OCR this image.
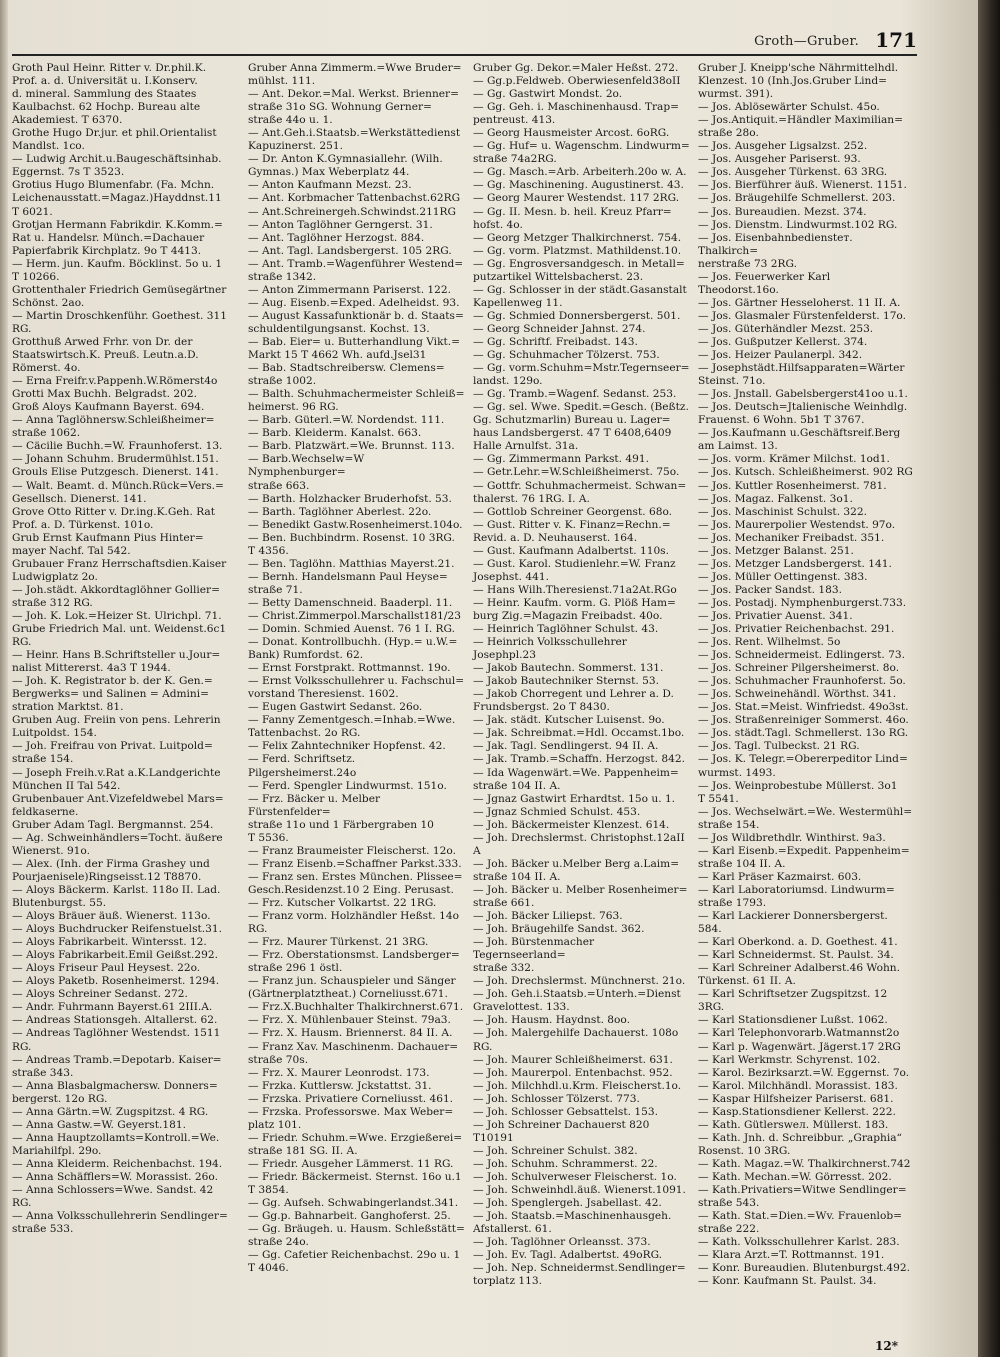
Groth—Gruber. 171

Groth Paul Heinr. Ritter v. Dr.phil.K.

Prof. a. d. Universität u. I.Konserv.

d. mineral. Sammlung des Staates

Kaulbachst. 62 Hochp. Bureau alte

Akademiest. T 6370.

Grothe Hugo Dr.jur. et phil.Orientalist

Mandlst. 1co.

— Ludwig Archit.u.Baugeschäftsinhab.

Eggernst. 7s T 3523.

Grotius Hugo Blumenfabr. (Fa. Mchn.

Leichenausstatt.=Magaz.)Hayddnst.11

T 6021.

Grotjan Hermann Fabrikdir. K.Komm.=

Rat u. Handelsr. Münch.=Dachauer

Papierfabrik Kirchplatz. 9o T 4413.

— Herm. jun. Kaufm. Böcklinst. 5o u. 1

T 10266.

Grottenthaler Friedrich Gemüsegärtner

Schönst. 2ao.

— Martin Droschkenführ. Goethest. 311

RG.

Grotthuß Arwed Frhr. von Dr. der

Staatswirtsch.K. Preuß. Leutn.a.D.

Römerst. 4o.

— Erna Freifr.v.Pappenh.W.Römerst4o

Grotti Max Buchh. Belgradst. 202.

Groß Aloys Kaufmann Bayerst. 694.

— Anna Taglöhnersw.Schleißheimer=

straße 1062.

— Cäcilie Buchh.=W. Fraunhoferst. 13.

— Johann Schuhm. Brudermühlst.151.

Grouls Elise Putzgesch. Dienerst. 141.

— Walt. Beamt. d. Münch.Rück=Vers.=

Gesellsch. Dienerst. 141.

Grove Otto Ritter v. Dr.ing.K.Geh. Rat

Prof. a. D. Türkenst. 101o.

Grub Ernst Kaufmann Pius Hinter=

mayer Nachf. Tal 542.

Grubauer Franz Herrschaftsdien.Kaiser

Ludwigplatz 2o.

— Joh.städt. Akkordtaglöhner Gollier=

straße 312 RG.

— Joh. K. Lok.=Heizer St. Ulrichpl. 71.

Grube Friedrich Mal. unt. Weidenst.6c1

RG.

— Heinr. Hans B.Schriftsteller u.Jour=

nalist Mittererst. 4a3 T 1944.

— Joh. K. Registrator b. der K. Gen.=

Bergwerks= und Salinen = Admini=

stration Marktst. 81.

Gruben Aug. Freiin von pens. Lehrerin

Luitpoldst. 154.

— Joh. Freifrau von Privat. Luitpold=

straße 154.

— Joseph Freih.v.Rat a.K.Landgerichte

München II Tal 542.

Grubenbauer Ant.Vizefeldwebel Mars=

feldkaserne.

Gruber Adam Tagl. Bergmannst. 254.

— Ag. Schweinhändlers=Tocht. äußere

Wienerst. 91o.

— Alex. (Inh. der Firma Grashey und

Pourjaenisele)Ringseisst.12 T8870.

— Aloys Bäckerm. Karlst. 118o II. Lad.

Blutenburgst. 55.

— Aloys Bräuer äuß. Wienerst. 113o.

— Aloys Buchdrucker Reifenstuelst.31.

— Aloys Fabrikarbeit. Wintersst. 12.

— Aloys Fabrikarbeit.Emil Geißst.292.

— Aloys Friseur Paul Heysest. 22o.

— Aloys Paketb. Rosenheimerst. 1294.

— Aloys Schreiner Sedanst. 272.

— Andr. Fuhrmann Bayerst.61 2III.A.

— Andreas Stationsgeh. Altallerst. 62.

— Andreas Taglöhner Westendst. 1511

RG.

— Andreas Tramb.=Depotarb. Kaiser=

straße 343.

— Anna Blasbalgmachersw. Donners=

bergerst. 12o RG.

— Anna Gärtn.=W. Zugspitzst. 4 RG.

— Anna Gastw.=W. Geyerst.181.

— Anna Hauptzollamts=Kontroll.=We.

Mariahilfpl. 29o.

— Anna Kleiderm. Reichenbachst. 194.

— Anna Schäfflers=W. Morassist. 26o.

— Anna Schlossers=Wwe. Sandst. 42

RG.

— Anna Volksschullehrerin Sendlinger=

straße 533.

Gruber Anna Zimmerm.=Wwe Bruder=

mühlst. 111.

— Ant. Dekor.=Mal. Werkst. Brienner=

straße 31o SG. Wohnung Gerner=

straße 44o u. 1.

— Ant.Geh.i.Staatsb.=Werkstättedienst

Kapuzinerst. 251.

— Dr. Anton K.Gymnasiallehr. (Wilh.

Gymnas.) Max Weberplatz 44.

— Anton Kaufmann Mezst. 23.

— Ant. Korbmacher Tattenbachst.62RG

— Ant.Schreinergeh.Schwindst.211RG

— Anton Taglöhner Gerngerst. 31.

— Ant. Taglöhner Herzogst. 884.

— Ant. Tagl. Landsbergerst. 105 2RG.

— Ant. Tramb.=Wagenführer Westend=

straße 1342.

— Anton Zimmermann Pariserst. 122.

— Aug. Eisenb.=Exped. Adelheidst. 93.

— August Kassafunktionär b. d. Staats=

schuldentilgungsanst. Kochst. 13.

— Bab. Eier= u. Butterhandlung Vikt.=

Markt 15 T 4662 Wh. aufd.Jsel31

— Bab. Stadtschreibersw. Clemens=

straße 1002.

— Balth. Schuhmachermeister Schleiß=

heimerst. 96 RG.

— Barb. Güterl.=W. Nordendst. 111.

— Barb. Kleiderm. Kanalst. 663.

— Barb. Platzwärt.=We. Brunnst. 113.

— Barb.Wechselw=W Nymphenburger=

straße 663.

— Barth. Holzhacker Bruderhofst. 53.

— Barth. Taglöhner Aberlest. 22o.

— Benedikt Gastw.Rosenheimerst.104o.

— Ben. Buchbindrm. Rosenst. 10 3RG.

T 4356.

— Ben. Taglöhn. Matthias Mayerst.21.

— Bernh. Handelsmann Paul Heyse=

straße 71.

— Betty Damenschneid. Baaderpl. 11.

— Christ.Zimmerpol.Marschallst181/23

— Domin. Schmied Auenst. 76 1 I. RG.

— Donat. Kontrollbuchh. (Hyp.= u.W.=

Bank) Rumfordst. 62.

— Ernst Forstprakt. Rottmannst. 19o.

— Ernst Volksschullehrer u. Fachschul=

vorstand Theresienst. 1602.

— Eugen Gastwirt Sedanst. 26o.

— Fanny Zementgesch.=Inhab.=Wwe.

Tattenbachst. 2o RG.

— Felix Zahntechniker Hopfenst. 42.

— Ferd. Schriftsetz. Pilgersheimerst.24o

— Ferd. Spengler Lindwurmst. 151o.

— Frz. Bäcker u. Melber Fürstenfelder=

straße 11o und 1 Färbergraben 10

T 5536.

— Franz Braumeister Fleischerst. 12o.

— Franz Eisenb.=Schaffner Parkst.333.

— Franz sen. Erstes München. Plissee=

Gesch.Residenzst.10 2 Eing. Perusast.

— Frz. Kutscher Volkartst. 22 1RG.

— Franz vorm. Holzhändler Heßst. 14o

RG.

— Frz. Maurer Türkenst. 21 3RG.

— Frz. Oberstationsmst. Landsberger=

straße 296 1 östl.

— Franz jun. Schauspieler und Sänger

(Gärtnerplatztheat.) Corneliusst.671.

— Frz.X.Buchhalter Thalkirchnerst.671.

— Frz. X. Mühlenbauer Steinst. 79a3.

— Frz. X. Hausm. Briennerst. 84 II. A.

— Franz Xav. Maschinenm. Dachauer=

straße 70s.

— Frz. X. Maurer Leonrodst. 173.

— Frzka. Kuttlersw. Jckstattst. 31.

— Frzska. Privatiere Corneliusst. 461.

— Frzska. Professorswe. Max Weber=

platz 101.

— Friedr. Schuhm.=Wwe. Erzgießerei=

straße 181 SG. II. A.

— Friedr. Ausgeher Lämmerst. 11 RG.

— Friedr. Bäckermeist. Sternst. 16o u.1

T 3854.

— Gg. Aufseh. Schwabingerlandst.341.

— Gg.p. Bahnarbeit. Ganghoferst. 25.

— Gg. Bräugeh. u. Hausm. Schleßstätt=

straße 24o.

— Gg. Cafetier Reichenbachst. 29o u. 1

T 4046.

Gruber Gg. Dekor.=Maler Heßst. 272.

— Gg.p.Feldweb. Oberwiesenfeld38oII

— Gg. Gastwirt Mondst. 2o.

— Gg. Geh. i. Maschinenhausd. Trap=

pentreust. 413.

— Georg Hausmeister Arcost. 6oRG.

— Gg. Huf= u. Wagenschm. Lindwurm=

straße 74a2RG.

— Gg. Masch.=Arb. Arbeiterh.20o w. A.

— Gg. Maschinening. Augustinerst. 43.

— Georg Maurer Westendst. 117 2RG.

— Gg. II. Mesn. b. heil. Kreuz Pfarr=

hofst. 4o.

— Georg Metzger Thalkirchnerst. 754.

— Gg. vorm. Platzmst. Mathildenst.10.

— Gg. Engrosversandgesch. in Metall=

putzartikel Wittelsbacherst. 23.

— Gg. Schlosser in der städt.Gasanstalt

Kapellenweg 11.

— Gg. Schmied Donnersbergerst. 501.

— Georg Schneider Jahnst. 274.

— Gg. Schriftf. Freibadst. 143.

— Gg. Schuhmacher Tölzerst. 753.

— Gg. vorm.Schuhm=Mstr.Tegernseer=

landst. 129o.

— Gg. Tramb.=Wagenf. Sedanst. 253.

— Gg. sel. Wwe. Spedit.=Gesch. (Beßtz.

Gg. Schutzmarlin) Bureau u. Lager=

haus Landsbergerst. 47 T 6408,6409

Halle Arnulfst. 31a.

— Gg. Zimmermann Parkst. 491.

— Getr.Lehr.=W.Schleißheimerst. 75o.

— Gottfr. Schuhmachermeist. Schwan=

thalerst. 76 1RG. I. A.

— Gottlob Schreiner Georgenst. 68o.

— Gust. Ritter v. K. Finanz=Rechn.=

Revid. a. D. Neuhauserst. 164.

— Gust. Kaufmann Adalbertst. 110s.

— Gust. Karol. Studienlehr.=W. Franz

Josephst. 441.

— Hans Wilh.Theresienst.71a2At.RGo

— Heinr. Kaufm. vorm. G. Plöß Ham=

burg Zig.=Magazin Freibadst. 40o.

— Heinrich Taglöhner Schulst. 43.

— Heinrich Volksschullehrer Josephpl.23

— Jakob Bautechn. Sommerst. 131.

— Jakob Bautechniker Sternst. 53.

— Jakob Chorregent und Lehrer a. D.

Frundsbergst. 2o T 8430.

— Jak. städt. Kutscher Luisenst. 9o.

— Jak. Schreibmat.=Hdl. Occamst.1bo.

— Jak. Tagl. Sendlingerst. 94 II. A.

— Jak. Tramb.=Schaffn. Herzogst. 842.

— Ida Wagenwärt.=We. Pappenheim=

straße 104 II. A.

— Jgnaz Gastwirt Erhardtst. 15o u. 1.

— Jgnaz Schmied Schulst. 453.

— Joh. Bäckermeister Klenzest. 614.

— Joh. Drechslermst. Christophst.12aII A

— Joh. Bäcker u.Melber Berg a.Laim=

straße 104 II. A.

— Joh. Bäcker u. Melber Rosenheimer=

straße 661.

— Joh. Bäcker Liliepst. 763.

— Joh. Bräugehilfe Sandst. 362.

— Joh. Bürstenmacher Tegernseerland=

straße 332.

— Joh. Drechslermst. Münchnerst. 21o.

— Joh. Geh.i.Staatsb.=Unterh.=Dienst

Gravelottest. 133.

— Joh. Hausm. Haydnst. 8oo.

— Joh. Malergehilfe Dachauerst. 108o

RG.

— Joh. Maurer Schleißheimerst. 631.

— Joh. Maurerpol. Entenbachst. 952.

— Joh. Milchhdl.u.Krm. Fleischerst.1o.

— Joh. Schlosser Tölzerst. 773.

— Joh. Schlosser Gebsattelst. 153.

— Joh Schreiner Dachauerst 820 T10191

— Joh. Schreiner Schulst. 382.

— Joh. Schuhm. Schrammerst. 22.

— Joh. Schulverweser Fleischerst. 1o.

— Joh. Schweinhdl.äuß. Wienerst.1091.

— Joh. Spenglergeh. Jsabellast. 42.

— Joh. Staatsb.=Maschinenhausgeh.

Afstallerst. 61.

— Joh. Taglöhner Orleansst. 373.

— Joh. Ev. Tagl. Adalbertst. 49oRG.

— Joh. Nep. Schneidermst.Sendlinger=

torplatz 113.

Gruber J. Kneipp'sche Nährmittelhdl.

Klenzest. 10 (Inh.Jos.Gruber Lind=

wurmst. 391).

— Jos. Ablösewärter Schulst. 45o.

— Jos.Antiquit.=Händler Maximilian=

straße 28o.

— Jos. Ausgeher Ligsalzst. 252.

— Jos. Ausgeher Pariserst. 93.

— Jos. Ausgeher Türkenst. 63 3RG.

— Jos. Bierführer äuß. Wienerst. 1151.

— Jos. Bräugehilfe Schmellerst. 203.

— Jos. Bureaudien. Mezst. 374.

— Jos. Dienstm. Lindwurmst.102 RG.

— Jos. Eisenbahnbediensteт. Thalkirch=

nerstraße 73 2RG.

— Jos. Feuerwerker Karl Theodorst.16o.

— Jos. Gärtner Hesseloherst. 11 II. A.

— Jos. Glasmaler Fürstenfelderst. 17o.

— Jos. Güterhändler Mezst. 253.

— Jos. Gußputzer Kellerst. 374.

— Jos. Heizer Paulanerpl. 342.

— Josephstädt.Hilfsapparaten=Wärter

Steinst. 71o.

— Jos. Jnstall. Gabelsbergerst41oo u.1.

— Jos. Deutsch=Jtalienische Weinhdlg.

Frauenst. 6 Wohn. 5b1 T 3767.

— Jos.Kaufmann u.Geschäftsreif.Berg

am Laimst. 13.

— Jos. vorm. Krämer Milchst. 1od1.

— Jos. Kutsch. Schleißheimerst. 902 RG

— Jos. Kuttler Rosenheimerst. 781.

— Jos. Magaz. Falkenst. 3o1.

— Jos. Maschinist Schulst. 322.

— Jos. Maurerpolier Westendst. 97o.

— Jos. Mechaniker Freibadst. 351.

— Jos. Metzger Balanst. 251.

— Jos. Metzger Landsbergerst. 141.

— Jos. Müller Oettingenst. 383.

— Jos. Packer Sandst. 183.

— Jos. Postadj. Nymphenburgerst.733.

— Jos. Privatier Auenst. 341.

— Jos. Privatier Reichenbachst. 291.

— Jos. Rent. Wilhelmst. 5o

— Jos. Schneidermeist. Edlingerst. 73.

— Jos. Schreiner Pilgersheimerst. 8o.

— Jos. Schuhmacher Fraunhoferst. 5o.

— Jos. Schweinehändl. Wörthst. 341.

— Jos. Stat.=Meist. Winfriedst. 49o3st.

— Jos. Straßenreiniger Sommerst. 46o.

— Jos. städt.Tagl. Schmellerst. 13o RG.

— Jos. Tagl. Tulbeckst. 21 RG.

— Jos. K. Telegr.=Obererpeditor Lind=

wurmst. 1493.

— Jos. Weinprobestube Müllerst. 3o1

T 5541.

— Jos. Wechselwärt.=We. Westermühl=

straße 154.

— Jos Wildbrethdlr. Winthirst. 9a3.

— Karl Eisenb.=Expedit. Pappenheim=

straße 104 II. A.

— Karl Präser Kazmairst. 603.

— Karl Laboratoriumsd. Lindwurm=

straße 1793.

— Karl Lackierer Donnersbergerst. 584.

— Karl Oberkond. a. D. Goethest. 41.

— Karl Schneidermst. St. Paulst. 34.

— Karl Schreiner Adalberst.46 Wohn.

Türkenst. 61 II. A.

— Karl Schriftsetzer Zugspitzst. 12 3RG.

— Karl Stationsdiener Lußst. 1062.

— Karl Telephonvorarb.Watmannst2o

— Karl p. Wagenwärt. Jägerst.17 2RG

— Karl Werkmstr. Schyrenst. 102.

— Karol. Bezirksarzt.=W. Eggernst. 7o.

— Karol. Milchhändl. Morassist. 183.

— Kaspar Hilfsheizer Pariserst. 681.

— Kasp.Stationsdiener Kellerst. 222.

— Kath. Gütlersweл. Müllerst. 183.

— Kath. Jnh. d. Schreibbur. „Graphia“

Rosenst. 10 3RG.

— Kath. Magaz.=W. Thalkirchnerst.742

— Kath. Mechan.=W. Görresst. 202.

— Kath.Privatiers=Witwe Sendlinger=

straße 543.

— Kath. Stat.=Dien.=Wv. Frauenlob=

straße 222.

— Kath. Volksschullehrer Karlst. 283.

— Klara Arzt.=T. Rottmannst. 191.

— Konr. Bureaudien. Blutenburgst.492.

— Konr. Kaufmann St. Paulst. 34.

12*
